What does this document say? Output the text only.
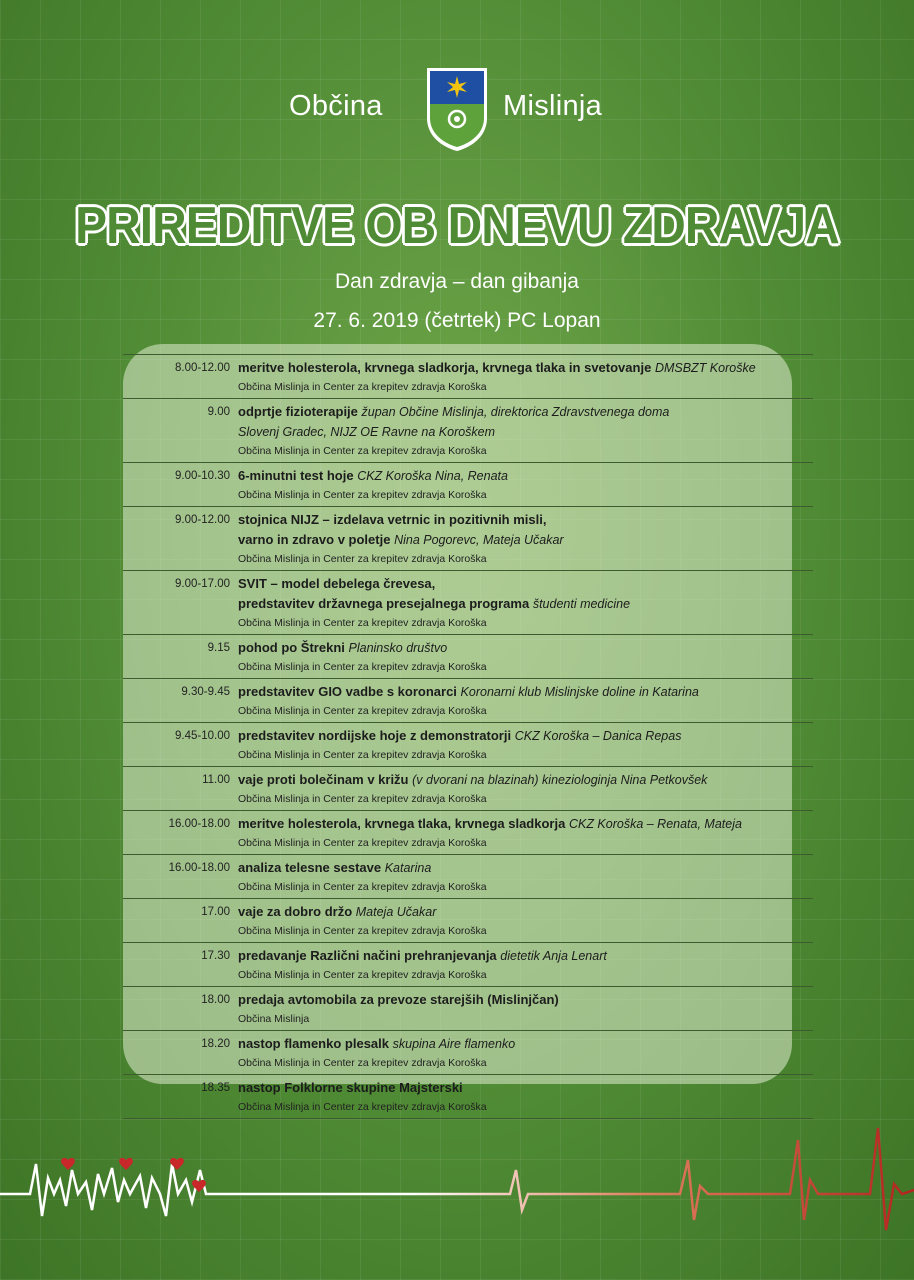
Občina	Mislinja
PRIREDITVE OB DNEVU ZDRAVJA
Dan zdravja – dan gibanja
27. 6. 2019 (četrtek) PC Lopan
8.00-12.00 meritve holesterola, krvnega sladkorja, krvnega tlaka in svetovanje DMSBZT Koroške
Občina Mislinja in Center za krepitev zdravja Koroška
9.00 odprtje fizioterapije župan Občine Mislinja, direktorica Zdravstvenega doma
Slovenj Gradec, NIJZ OE Ravne na Koroškem
Občina Mislinja in Center za krepitev zdravja Koroška
9.00-10.30 6-minutni test hoje CKZ Koroška Nina, Renata
Občina Mislinja in Center za krepitev zdravja Koroška
9.00-12.00 stojnica NIJZ – izdelava vetrnic in pozitivnih misli,
varno in zdravo v poletje Nina Pogorevc, Mateja Učakar
Občina Mislinja in Center za krepitev zdravja Koroška
9.00-17.00 SVIT – model debelega črevesa,
predstavitev državnega presejalnega programa študenti medicine
Občina Mislinja in Center za krepitev zdravja Koroška
9.15 pohod po Štrekni Planinsko društvo
Občina Mislinja in Center za krepitev zdravja Koroška
9.30-9.45 predstavitev GIO vadbe s koronarci Koronarni klub Mislinjske doline in Katarina
Občina Mislinja in Center za krepitev zdravja Koroška
9.45-10.00 predstavitev nordijske hoje z demonstratorji CKZ Koroška – Danica Repas
Občina Mislinja in Center za krepitev zdravja Koroška
11.00 vaje proti bolečinam v križu (v dvorani na blazinah) kineziologinja Nina Petkovšek
Občina Mislinja in Center za krepitev zdravja Koroška
16.00-18.00 meritve holesterola, krvnega tlaka, krvnega sladkorja CKZ Koroška – Renata, Mateja
Občina Mislinja in Center za krepitev zdravja Koroška
16.00-18.00 analiza telesne sestave Katarina
Občina Mislinja in Center za krepitev zdravja Koroška
17.00 vaje za dobro držo Mateja Učakar
Občina Mislinja in Center za krepitev zdravja Koroška
17.30 predavanje Različni načini prehranjevanja dietetik Anja Lenart
Občina Mislinja in Center za krepitev zdravja Koroška
18.00 predaja avtomobila za prevoze starejših (Mislinjčan)
Občina Mislinja
18.20 nastop flamenko plesalk skupina Aire flamenko
Občina Mislinja in Center za krepitev zdravja Koroška
18.35 nastop Folklorne skupine Majsterski
Občina Mislinja in Center za krepitev zdravja Koroška
